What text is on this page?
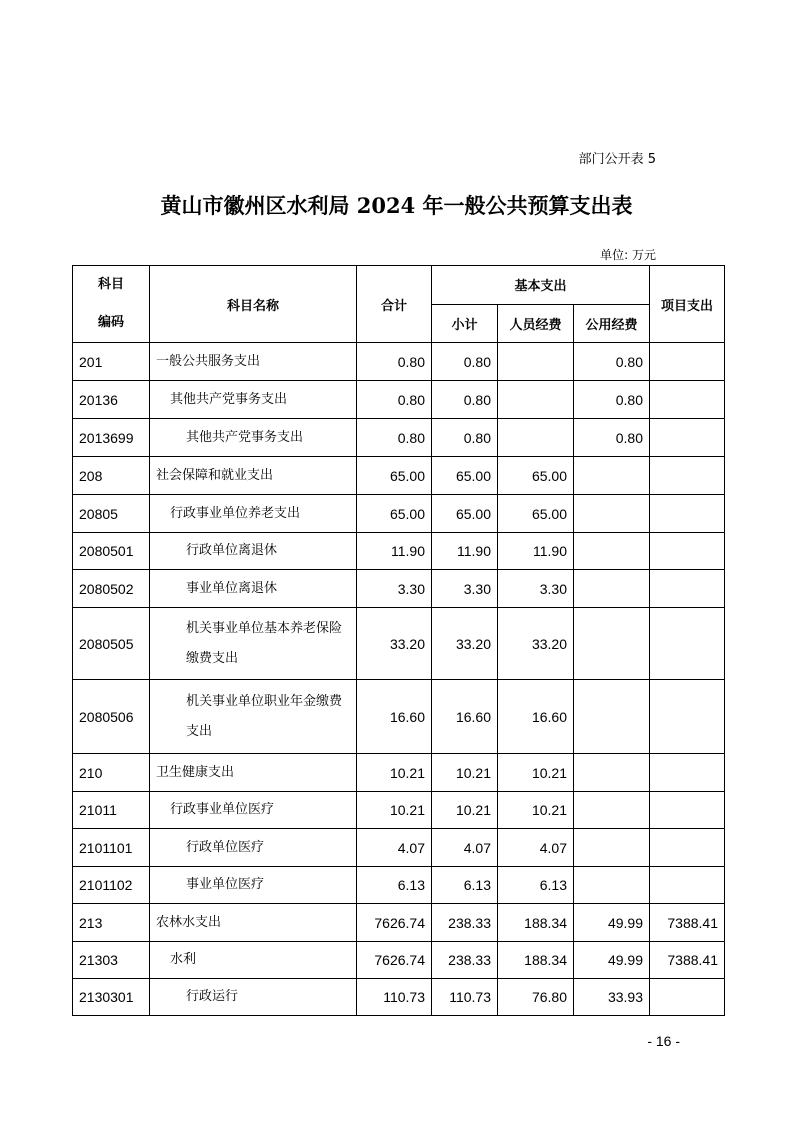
部门公开表 5
黄山市徽州区水利局 2024 年一般公共预算支出表
单位: 万元
科目
编码	科目名称	合计	基本支出			项目支出
			小计	人员经费	公用经费	
201	一般公共服务支出	0.80	0.80		0.80	
20136	其他共产党事务支出	0.80	0.80		0.80	
2013699	其他共产党事务支出	0.80	0.80		0.80	
208	社会保障和就业支出	65.00	65.00	65.00		
20805	行政事业单位养老支出	65.00	65.00	65.00		
2080501	行政单位离退休	11.90	11.90	11.90		
2080502	事业单位离退休	3.30	3.30	3.30		
2080505	机关事业单位基本养老保险缴费支出	33.20	33.20	33.20		
2080506	机关事业单位职业年金缴费支出	16.60	16.60	16.60		
210	卫生健康支出	10.21	10.21	10.21		
21011	行政事业单位医疗	10.21	10.21	10.21		
2101101	行政单位医疗	4.07	4.07	4.07		
2101102	事业单位医疗	6.13	6.13	6.13		
213	农林水支出	7626.74	238.33	188.34	49.99	7388.41
21303	水利	7626.74	238.33	188.34	49.99	7388.41
2130301	行政运行	110.73	110.73	76.80	33.93	
- 16 -
